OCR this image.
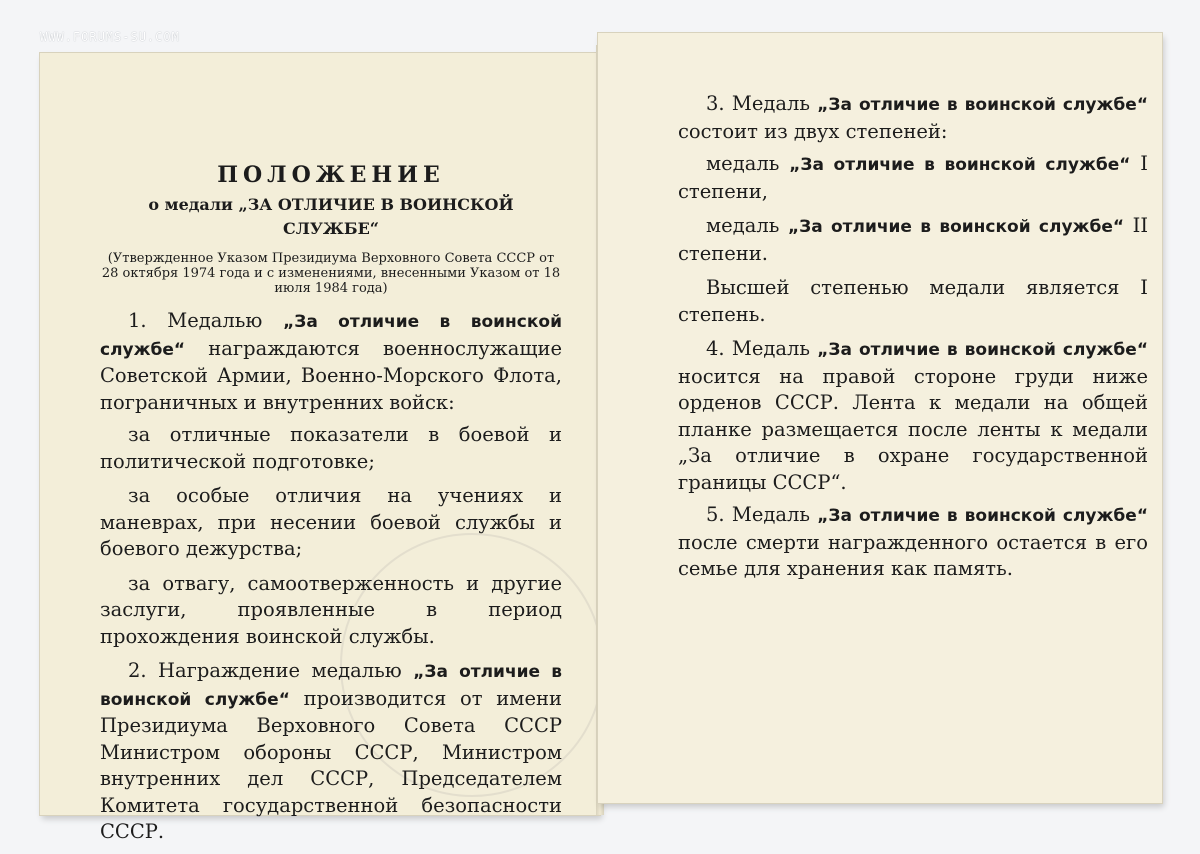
WWW.FORUMS-SU.COM
ПОЛОЖЕНИЕ
о медали „ЗА ОТЛИЧИЕ В ВОИНСКОЙ СЛУЖБЕ“
(Утвержденное Указом Президиума Верховного Совета СССР от 28 октября 1974 года и с изменениями, внесенными Указом от 18 июля 1984 года)

1. Медалью „За отличие в воинской службе“ награждаются военнослужащие Советской Армии, Военно-Морского Флота, пограничных и внутренних войск:

за отличные показатели в боевой и политической подготовке;

за особые отличия на учениях и маневрах, при несении боевой службы и боевого дежурства;

за отвагу, самоотверженность и другие заслуги, проявленные в период прохождения воинской службы.

2. Награждение медалью „За отличие в воинской службе“ производится от имени Президиума Верховного Совета СССР Министром обороны СССР, Министром внутренних дел СССР, Председателем Комитета государственной безопасности СССР.

3. Медаль „За отличие в воинской службе“ состоит из двух степеней:

медаль „За отличие в воинской службе“ I степени,

медаль „За отличие в воинской службе“ II степени.

Высшей степенью медали является I степень.

4. Медаль „За отличие в воинской службе“ носится на правой стороне груди ниже орденов СССР. Лента к медали на общей планке размещается после ленты к медали „За отличие в охране государственной границы СССР“.

5. Медаль „За отличие в воинской службе“ после смерти награжденного остается в его семье для хранения как память.
